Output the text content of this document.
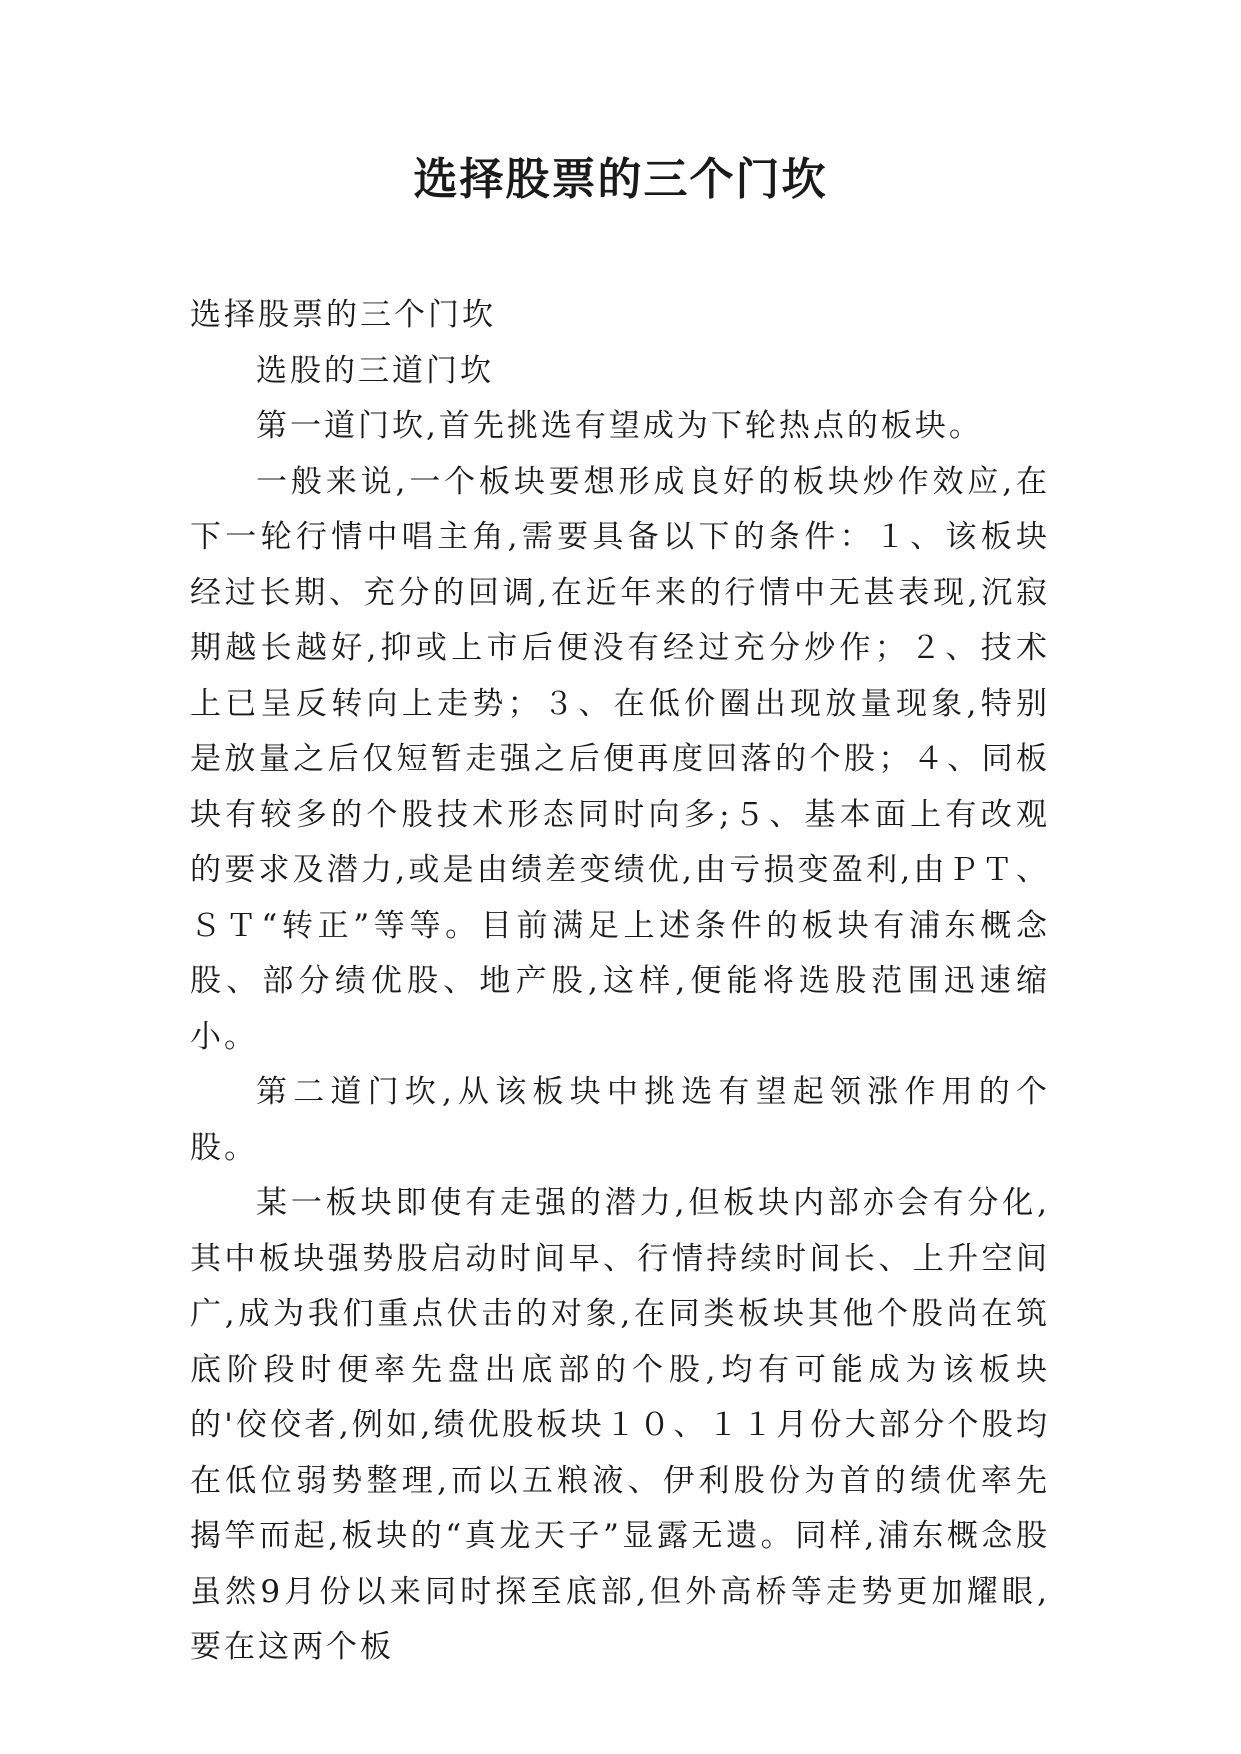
选择股票的三个门坎

选择股票的三个门坎

选股的三道门坎

第一道门坎,首先挑选有望成为下轮热点的板块。

一般来说,一个板块要想形成良好的板块炒作效应,在下一轮行情中唱主角,需要具备以下的条件：１、该板块经过长期、充分的回调,在近年来的行情中无甚表现,沉寂期越长越好,抑或上市后便没有经过充分炒作；２、技术上已呈反转向上走势；３、在低价圈出现放量现象,特别是放量之后仅短暂走强之后便再度回落的个股；４、同板块有较多的个股技术形态同时向多;５、基本面上有改观的要求及潜力,或是由绩差变绩优,由亏损变盈利,由ＰＴ、ＳＴ“转正”等等。目前满足上述条件的板块有浦东概念股、部分绩优股、地产股,这样,便能将选股范围迅速缩小。

第二道门坎,从该板块中挑选有望起领涨作用的个股。

某一板块即使有走强的潜力,但板块内部亦会有分化,其中板块强势股启动时间早、行情持续时间长、上升空间广,成为我们重点伏击的对象,在同类板块其他个股尚在筑底阶段时便率先盘出底部的个股,均有可能成为该板块的'佼佼者,例如,绩优股板块１０、１１月份大部分个股均在低位弱势整理,而以五粮液、伊利股份为首的绩优率先揭竿而起,板块的“真龙天子”显露无遗。同样,浦东概念股虽然9月份以来同时探至底部,但外高桥等走势更加耀眼,要在这两个板
